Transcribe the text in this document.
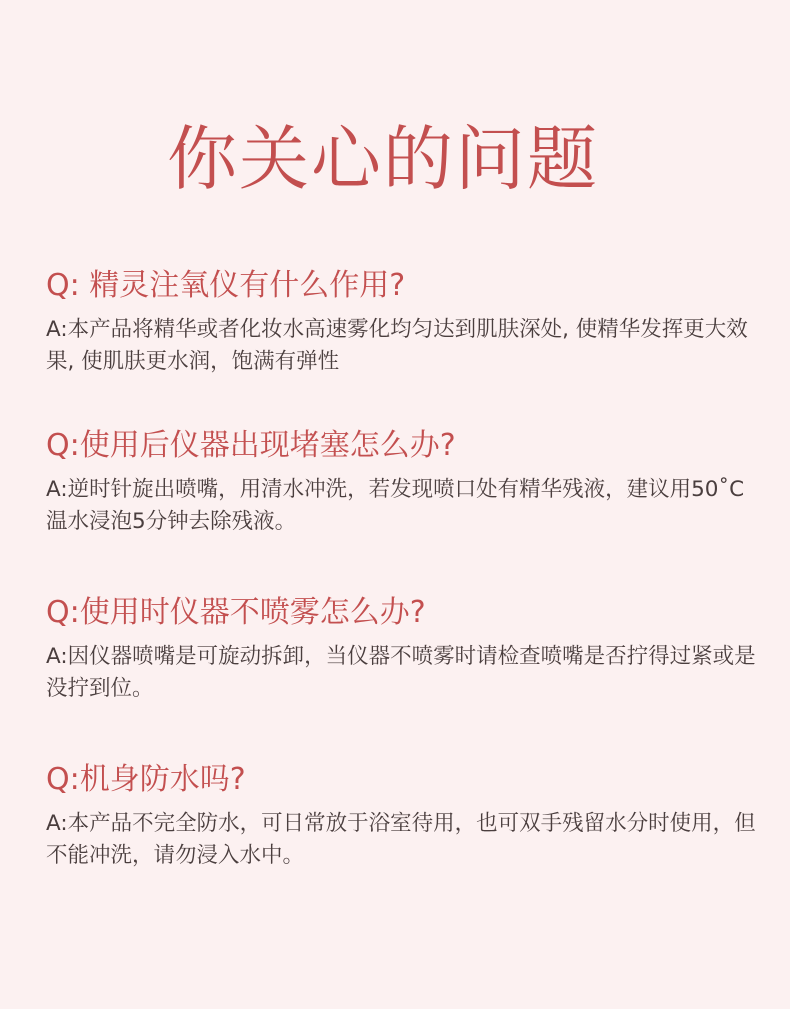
你关心的问题
Q: 精灵注氧仪有什么作用?

A:本产品将精华或者化妆水高速雾化均匀达到肌肤深处, 使精华发挥更大效果, 使肌肤更水润，饱满有弹性

Q:使用后仪器出现堵塞怎么办?

A:逆时针旋出喷嘴，用清水冲洗，若发现喷口处有精华残液，建议用50˚C温水浸泡5分钟去除残液。

Q:使用时仪器不喷雾怎么办?

A:因仪器喷嘴是可旋动拆卸，当仪器不喷雾时请检查喷嘴是否拧得过紧或是没拧到位。

Q:机身防水吗?

A:本产品不完全防水，可日常放于浴室待用，也可双手残留水分时使用，但不能冲洗，请勿浸入水中。
